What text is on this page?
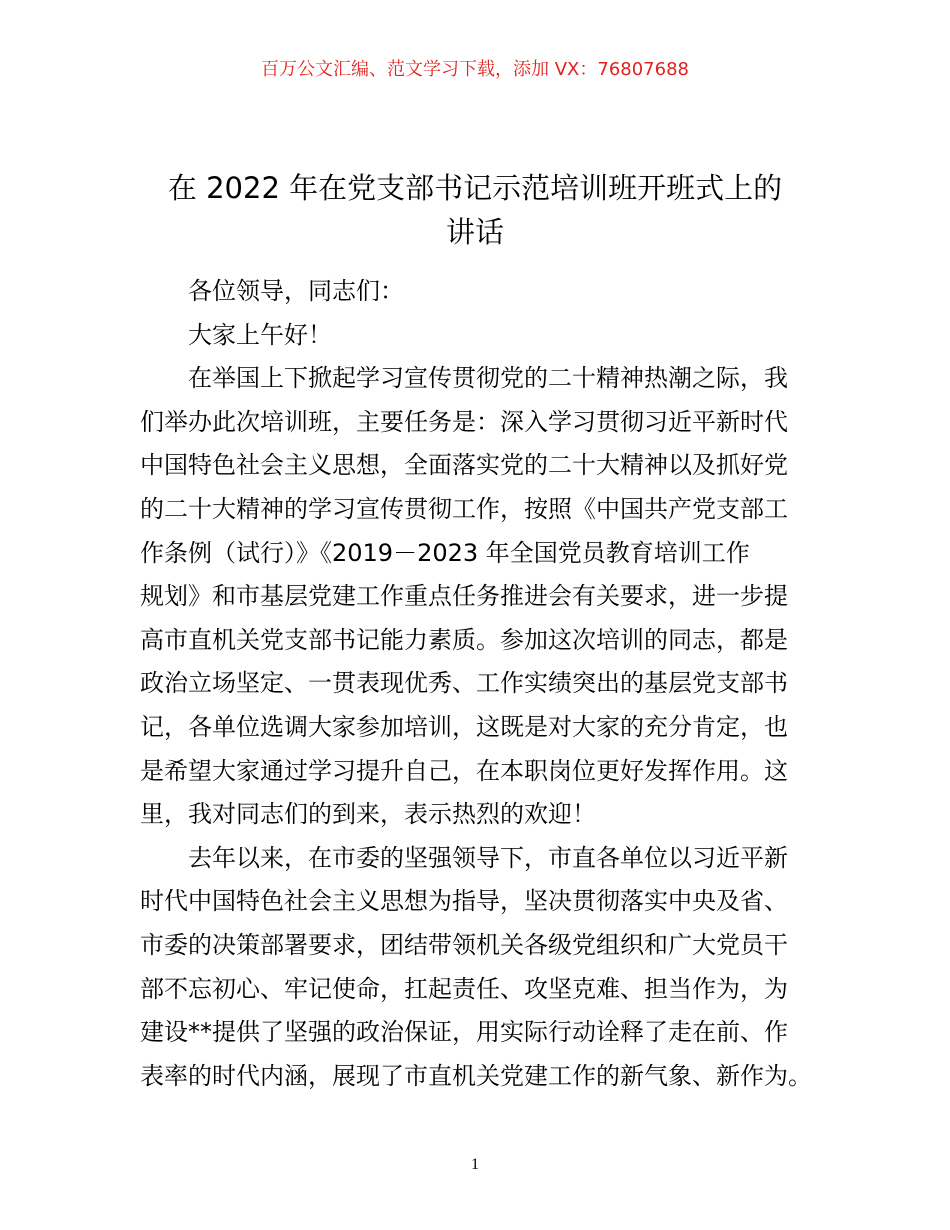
百万公文汇编、范文学习下载，添加 VX：76807688
在 2022 年在党支部书记示范培训班开班式上的
讲话

各位领导，同志们：

大家上午好！

在举国上下掀起学习宣传贯彻党的二十精神热潮之际，我
们举办此次培训班，主要任务是：深入学习贯彻习近平新时代
中国特色社会主义思想，全面落实党的二十大精神以及抓好党
的二十大精神的学习宣传贯彻工作，按照《中国共产党支部工
作条例（试行）》《2019－2023 年全国党员教育培训工作
规划》和市基层党建工作重点任务推进会有关要求，进一步提
高市直机关党支部书记能力素质。参加这次培训的同志，都是
政治立场坚定、一贯表现优秀、工作实绩突出的基层党支部书
记，各单位选调大家参加培训，这既是对大家的充分肯定，也
是希望大家通过学习提升自己，在本职岗位更好发挥作用。这
里，我对同志们的到来，表示热烈的欢迎！

去年以来，在市委的坚强领导下，市直各单位以习近平新
时代中国特色社会主义思想为指导，坚决贯彻落实中央及省、
市委的决策部署要求，团结带领机关各级党组织和广大党员干
部不忘初心、牢记使命，扛起责任、攻坚克难、担当作为，为
建设**提供了坚强的政治保证，用实际行动诠释了走在前、作
表率的时代内涵，展现了市直机关党建工作的新气象、新作为。

1
